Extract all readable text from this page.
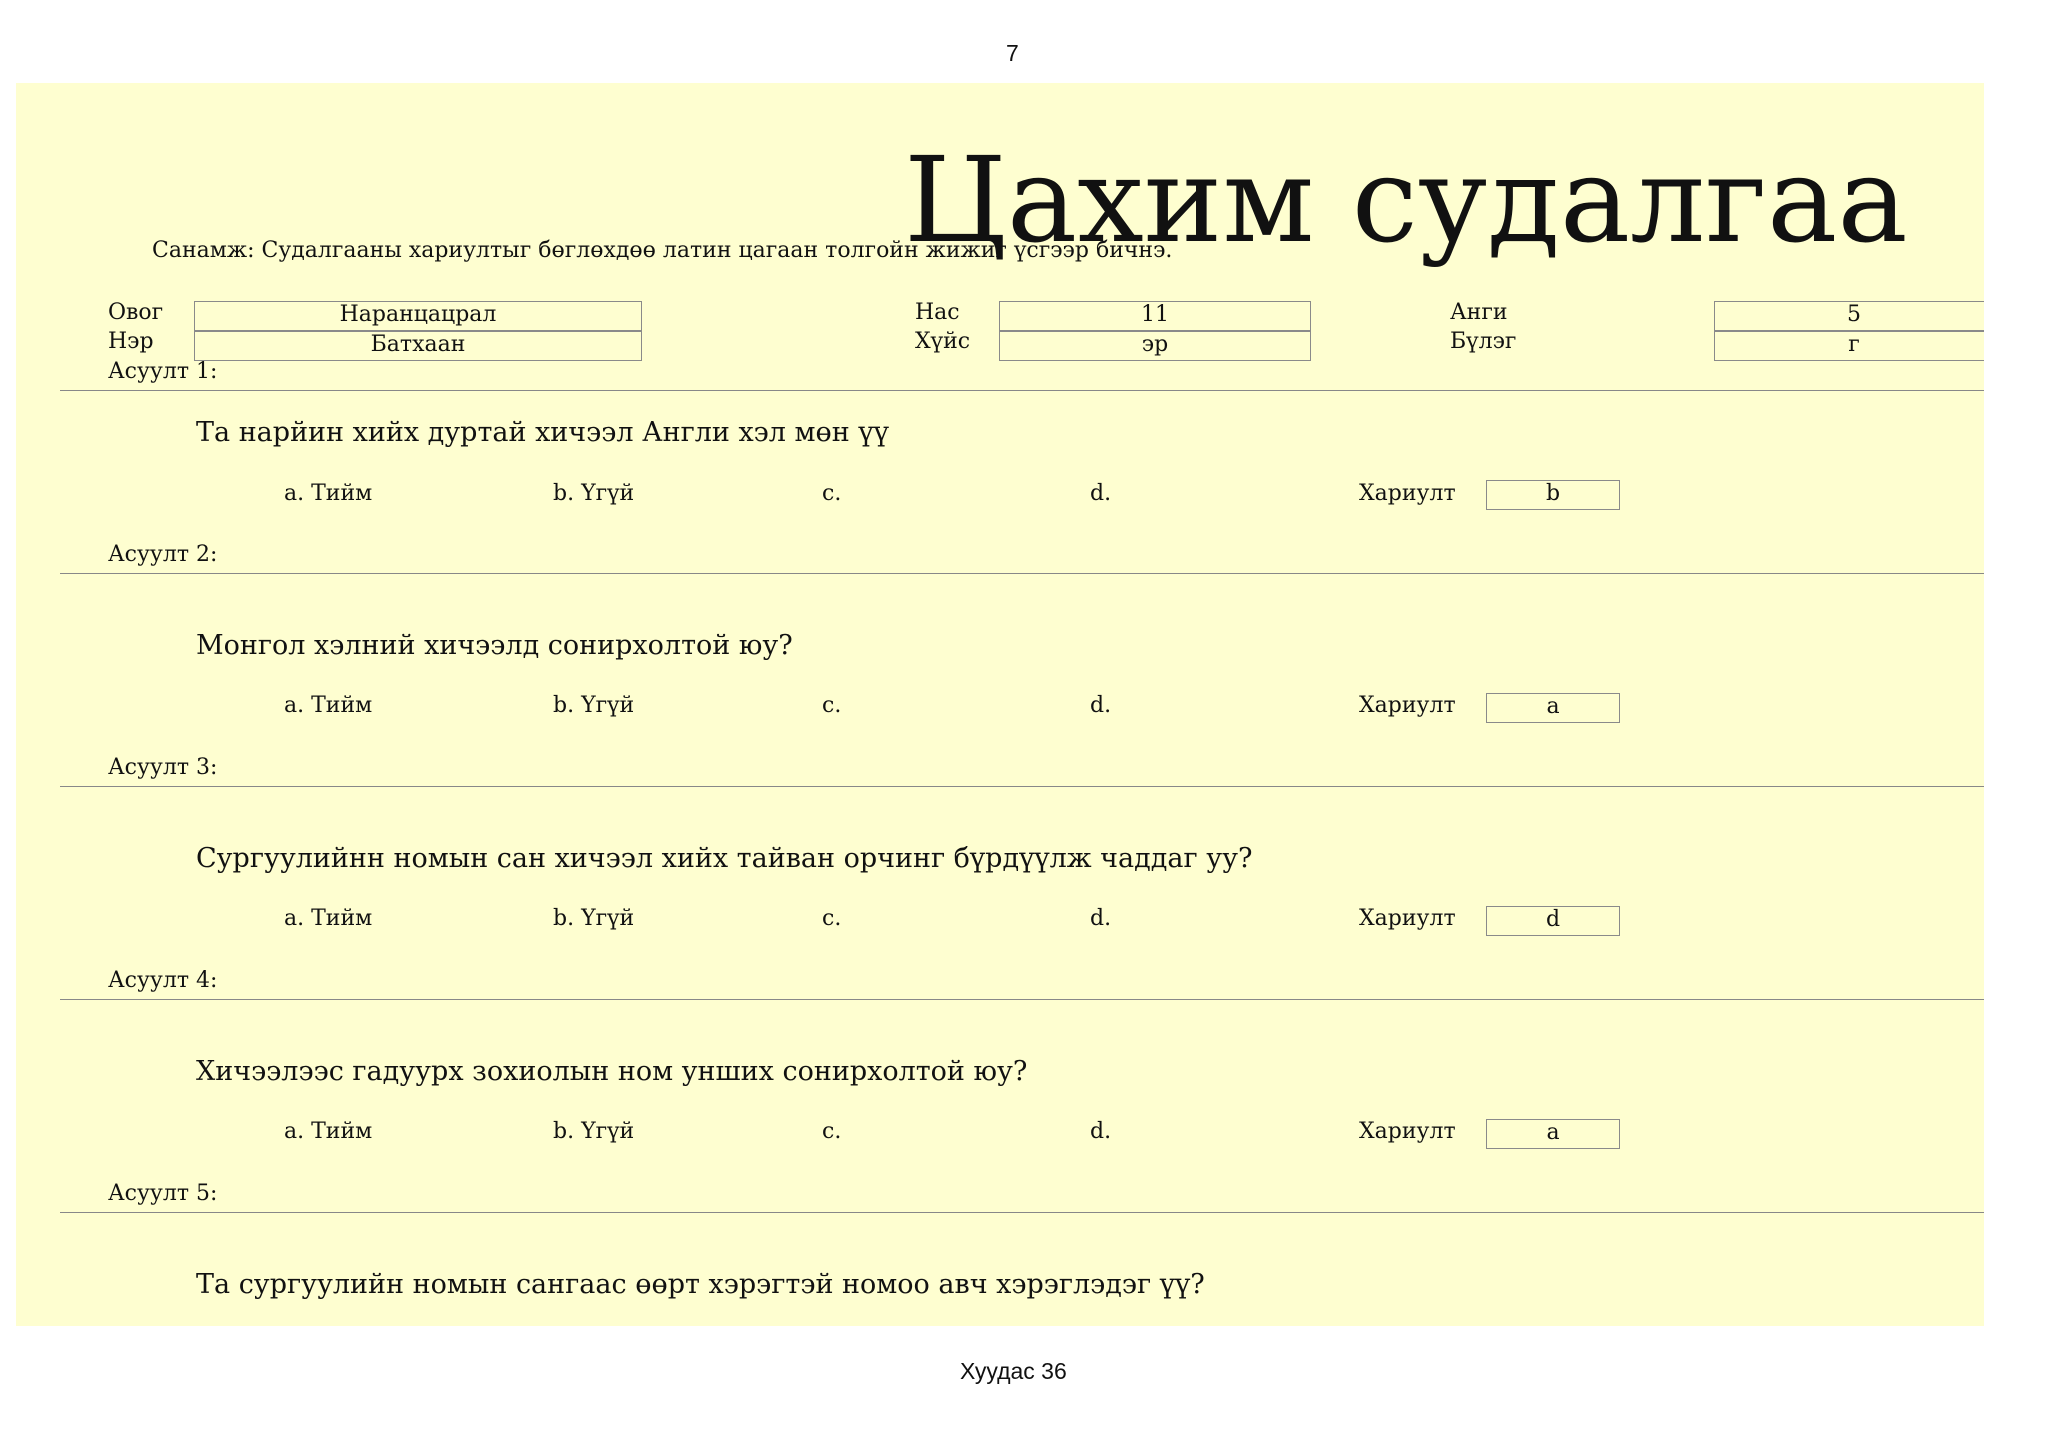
7
Цахим судалгаа
Санамж: Судалгааны хариултыг бөглөхдөө латин цагаан толгойн жижиг үсгээр бичнэ.
Овог	Наранцацрал
Нэр	Батхаан
Нас	11
Хүйс	эр
Анги	5
Бүлэг	г
Асуулт 1:
Та нарйин хийх дуртай хичээл Англи хэл мөн үү
a. Тийм	b. Үгүй	c.	d.	Хариулт	b
Асуулт 2:
Монгол хэлний хичээлд сонирхолтой юу?
a. Тийм	b. Үгүй	c.	d.	Хариулт	a
Асуулт 3:
Сургуулийнн номын сан хичээл хийх тайван орчинг бүрдүүлж чаддаг уу?
a. Тийм	b. Үгүй	c.	d.	Хариулт	d
Асуулт 4:
Хичээлээс гадуурх зохиолын ном унших сонирхолтой юу?
a. Тийм	b. Үгүй	c.	d.	Хариулт	a
Асуулт 5:
Та сургуулийн номын сангаас өөрт хэрэгтэй номоо авч хэрэглэдэг үү?
Хуудас 36
